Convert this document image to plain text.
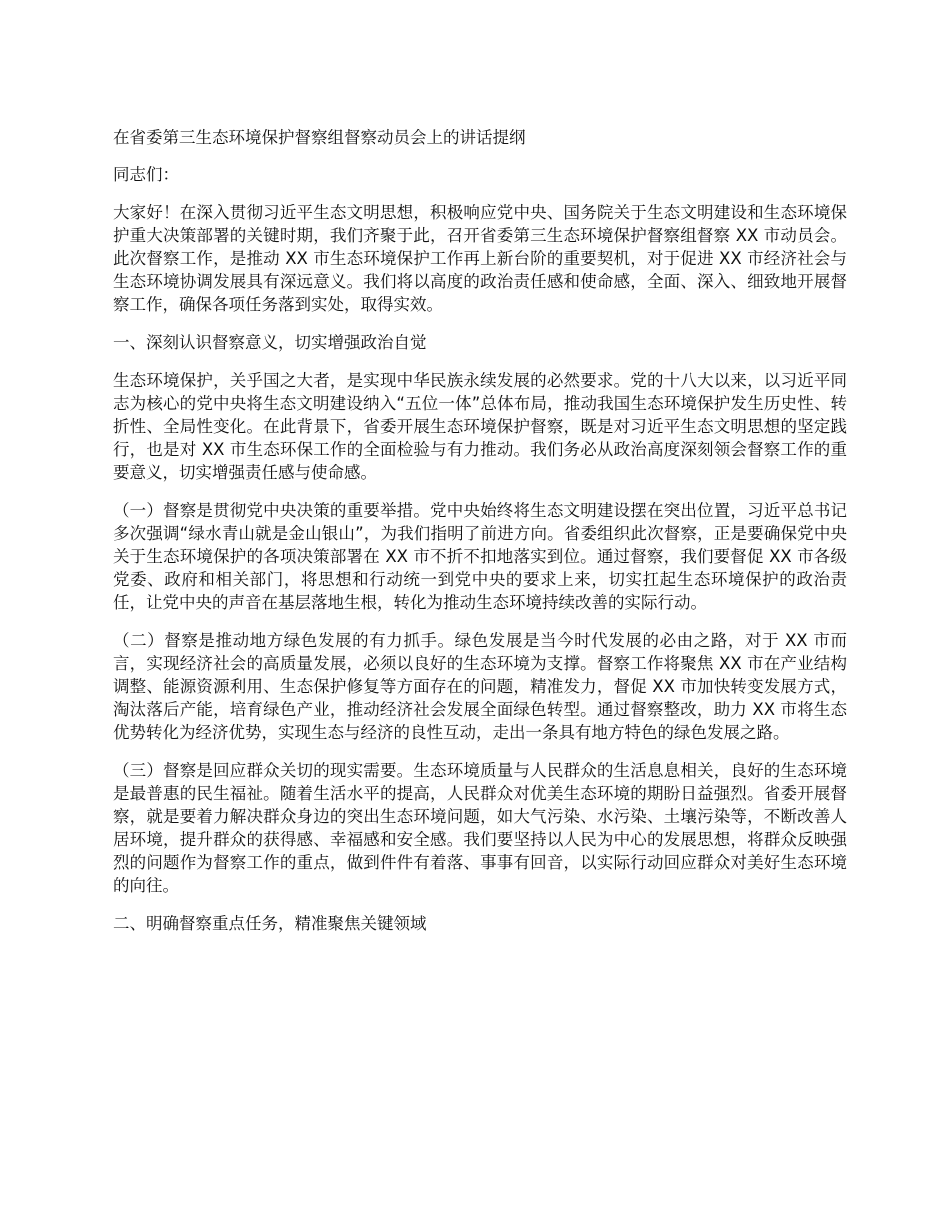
在省委第三生态环境保护督察组督察动员会上的讲话提纲

同志们：

大家好！在深入贯彻习近平生态文明思想，积极响应党中央、国务院关于生态文明建设和生态环境保护重大决策部署的关键时期，我们齐聚于此，召开省委第三生态环境保护督察组督察 XX 市动员会。此次督察工作，是推动 XX 市生态环境保护工作再上新台阶的重要契机，对于促进 XX 市经济社会与生态环境协调发展具有深远意义。我们将以高度的政治责任感和使命感，全面、深入、细致地开展督察工作，确保各项任务落到实处，取得实效。

一、深刻认识督察意义，切实增强政治自觉

生态环境保护，关乎国之大者，是实现中华民族永续发展的必然要求。党的十八大以来，以习近平同志为核心的党中央将生态文明建设纳入“五位一体”总体布局，推动我国生态环境保护发生历史性、转折性、全局性变化。在此背景下，省委开展生态环境保护督察，既是对习近平生态文明思想的坚定践行，也是对 XX 市生态环保工作的全面检验与有力推动。我们务必从政治高度深刻领会督察工作的重要意义，切实增强责任感与使命感。

（一）督察是贯彻党中央决策的重要举措。党中央始终将生态文明建设摆在突出位置，习近平总书记多次强调“绿水青山就是金山银山”，为我们指明了前进方向。省委组织此次督察，正是要确保党中央关于生态环境保护的各项决策部署在 XX 市不折不扣地落实到位。通过督察，我们要督促 XX 市各级党委、政府和相关部门，将思想和行动统一到党中央的要求上来，切实扛起生态环境保护的政治责任，让党中央的声音在基层落地生根，转化为推动生态环境持续改善的实际行动。

（二）督察是推动地方绿色发展的有力抓手。绿色发展是当今时代发展的必由之路，对于 XX 市而言，实现经济社会的高质量发展，必须以良好的生态环境为支撑。督察工作将聚焦 XX 市在产业结构调整、能源资源利用、生态保护修复等方面存在的问题，精准发力，督促 XX 市加快转变发展方式，淘汰落后产能，培育绿色产业，推动经济社会发展全面绿色转型。通过督察整改，助力 XX 市将生态优势转化为经济优势，实现生态与经济的良性互动，走出一条具有地方特色的绿色发展之路。

（三）督察是回应群众关切的现实需要。生态环境质量与人民群众的生活息息相关，良好的生态环境是最普惠的民生福祉。随着生活水平的提高，人民群众对优美生态环境的期盼日益强烈。省委开展督察，就是要着力解决群众身边的突出生态环境问题，如大气污染、水污染、土壤污染等，不断改善人居环境，提升群众的获得感、幸福感和安全感。我们要坚持以人民为中心的发展思想，将群众反映强烈的问题作为督察工作的重点，做到件件有着落、事事有回音，以实际行动回应群众对美好生态环境的向往。

二、明确督察重点任务，精准聚焦关键领域
